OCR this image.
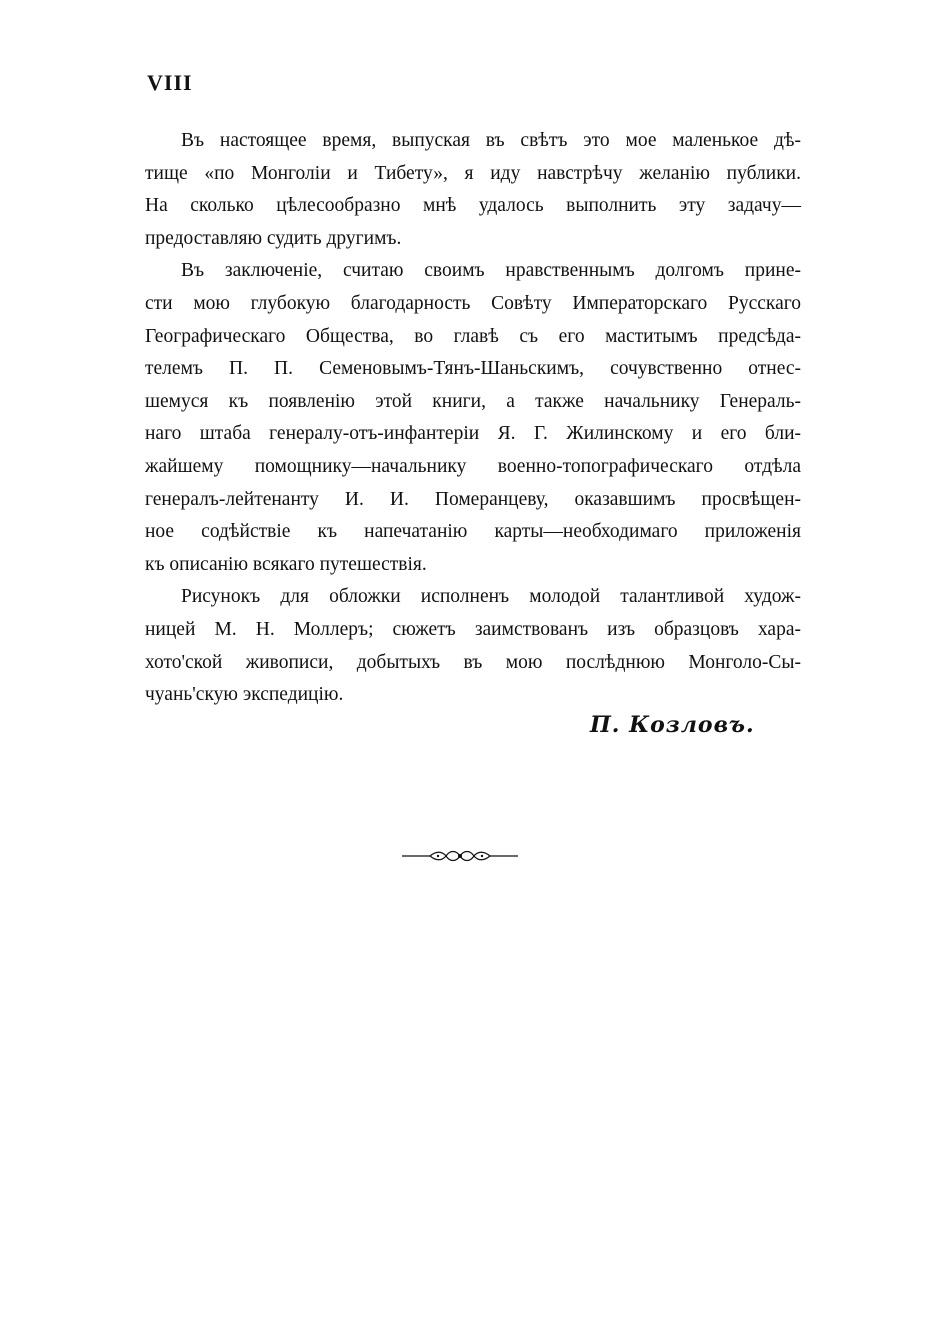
VIII
Въ настоящее время, выпуская въ свѣтъ это мое маленькое дѣ-
тище «по Монголіи и Тибету», я иду навстрѣчу желанію публики.
На сколько цѣлесообразно мнѣ удалось выполнить эту задачу—
предоставляю судить другимъ.
Въ заключеніе, считаю своимъ нравственнымъ долгомъ прине-
сти мою глубокую благодарность Совѣту Императорскаго Русскаго
Географическаго Общества, во главѣ съ его маститымъ предсѣда-
телемъ П. П. Семеновымъ-Тянъ-Шаньскимъ, сочувственно отнес-
шемуся къ появленію этой книги, а также начальнику Генераль-
наго штаба генералу-отъ-инфантеріи Я. Г. Жилинскому и его бли-
жайшему помощнику—начальнику военно-топографическаго отдѣла
генералъ-лейтенанту И. И. Померанцеву, оказавшимъ просвѣщен-
ное содѣйствіе къ напечатанію карты—необходимаго приложенія
къ описанію всякаго путешествія.
Рисунокъ для обложки исполненъ молодой талантливой худож-
ницей М. Н. Моллеръ; сюжетъ заимствованъ изъ образцовъ хара-
хото'ской живописи, добытыхъ въ мою послѣднюю Монголо-Сы-
чуань'скую экспедицію.
П. Козловъ.
